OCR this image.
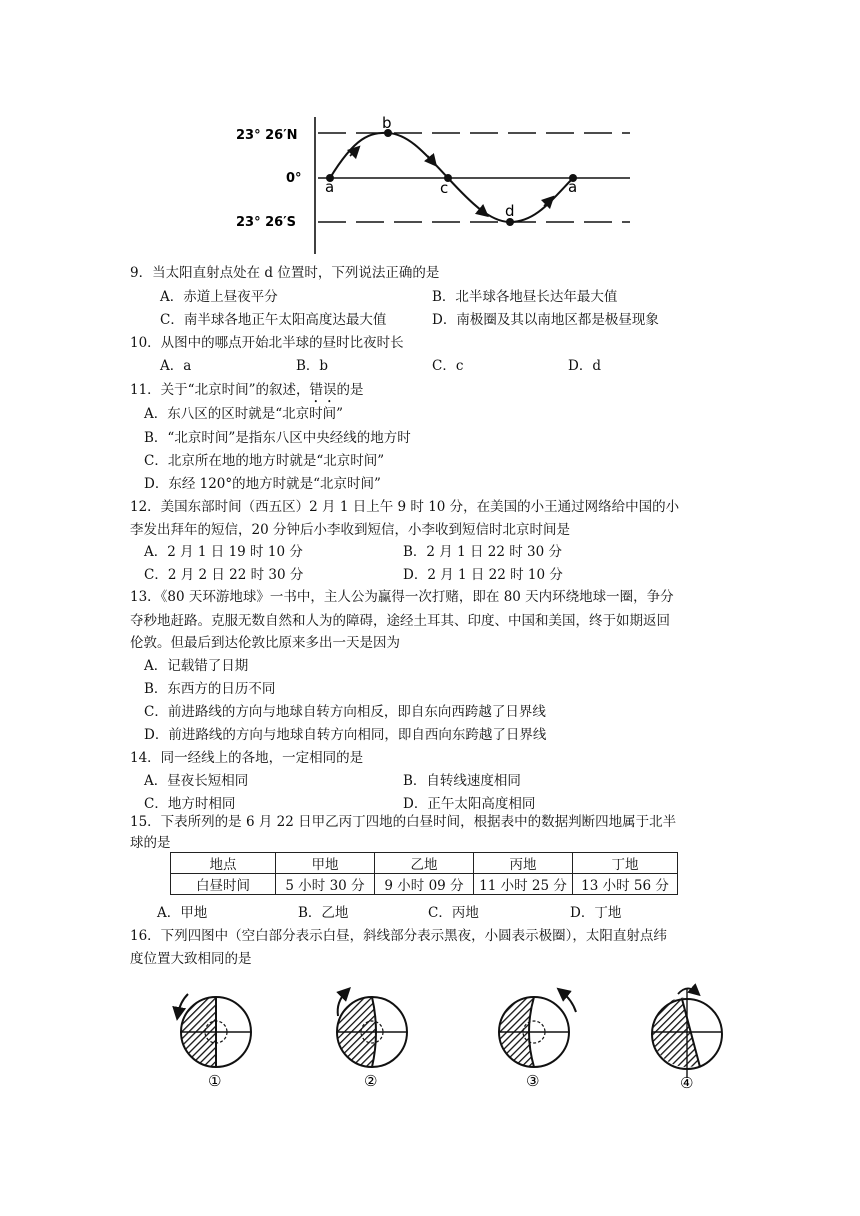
23° 26′N
0°
23° 26′S
a
b
c
d
a
9．当太阳直射点处在 d 位置时，下列说法正确的是
A．赤道上昼夜平分	B．北半球各地昼长达年最大值
C．南半球各地正午太阳高度达最大值	D．南极圈及其以南地区都是极昼现象
10．从图中的哪点开始北半球的昼时比夜时长
A．a	B．b	C．c	D．d
11．关于“北京时间”的叙述，错误的是
A．东八区的区时就是“北京时间”
B．“北京时间”是指东八区中央经线的地方时
C．北京所在地的地方时就是“北京时间”
D．东经 120°的地方时就是“北京时间”
12．美国东部时间（西五区）2 月 1 日上午 9 时 10 分，在美国的小王通过网络给中国的小
李发出拜年的短信，20 分钟后小李收到短信，小李收到短信时北京时间是
A．2 月 1 日 19 时 10 分	B．2 月 1 日 22 时 30 分
C．2 月 2 日 22 时 30 分	D．2 月 1 日 22 时 10 分
13．《80 天环游地球》一书中，主人公为赢得一次打赌，即在 80 天内环绕地球一圈，争分
夺秒地赶路。克服无数自然和人为的障碍，途经土耳其、印度、中国和美国，终于如期返回
伦敦。但最后到达伦敦比原来多出一天是因为
A．记载错了日期
B．东西方的日历不同
C．前进路线的方向与地球自转方向相反，即自东向西跨越了日界线
D．前进路线的方向与地球自转方向相同，即自西向东跨越了日界线
14．同一经线上的各地，一定相同的是
A．昼夜长短相同	B．自转线速度相同
C．地方时相同	D．正午太阳高度相同
15．下表所列的是 6 月 22 日甲乙丙丁四地的白昼时间，根据表中的数据判断四地属于北半
球的是
地点	甲地	乙地	丙地	丁地
白昼时间	5 小时 30 分	9 小时 09 分	11 小时 25 分	13 小时 56 分
A．甲地	B．乙地	C．丙地	D．丁地
16．下列四图中（空白部分表示白昼，斜线部分表示黑夜，小圆表示极圈），太阳直射点纬
度位置大致相同的是
①	②	③	④
